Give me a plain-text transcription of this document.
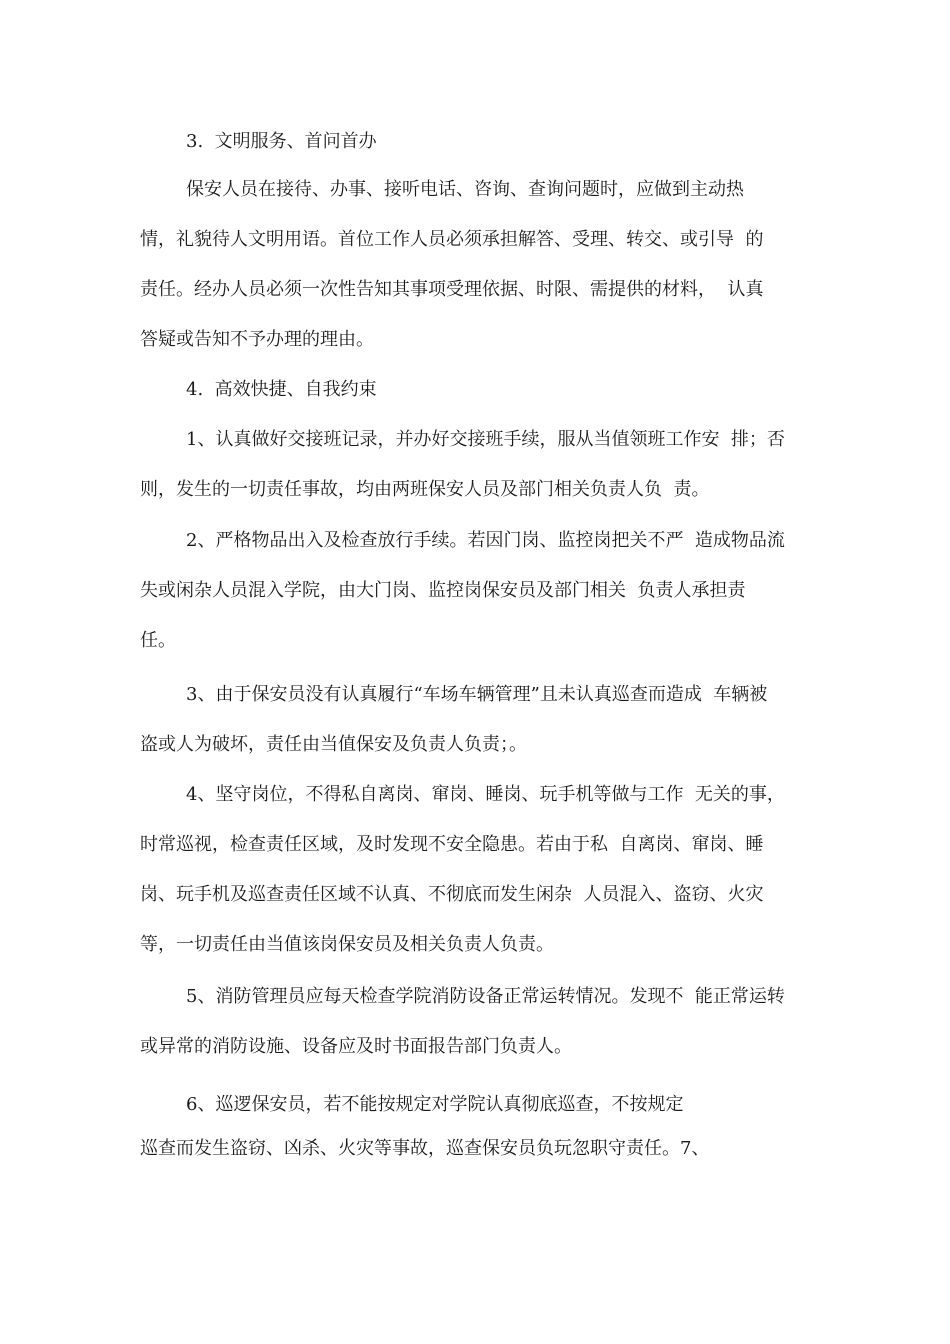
3.  文明服务、首问首办
保安人员在接待、办事、接听电话、咨询、查询问题时，应做到主动热
情，礼貌待人文明用语。首位工作人员必须承担解答、受理、转交、或引导  的
责任。经办人员必须一次性告知其事项受理依据、时限、需提供的材料，  认真
答疑或告知不予办理的理由。
4.  高效快捷、自我约束
1、认真做好交接班记录，并办好交接班手续，服从当值领班工作安  排；否
则，发生的一切责任事故，均由两班保安人员及部门相关负责人负  责。
2、严格物品出入及检查放行手续。若因门岗、监控岗把关不严  造成物品流
失或闲杂人员混入学院，由大门岗、监控岗保安员及部门相关  负责人承担责
任。
3、由于保安员没有认真履行“车场车辆管理”且未认真巡查而造成  车辆被
盗或人为破坏，责任由当值保安及负责人负责；。
4、坚守岗位，不得私自离岗、窜岗、睡岗、玩手机等做与工作  无关的事，
时常巡视，检查责任区域，及时发现不安全隐患。若由于私  自离岗、窜岗、睡
岗、玩手机及巡查责任区域不认真、不彻底而发生闲杂  人员混入、盗窃、火灾
等，一切责任由当值该岗保安员及相关负责人负责。
5、消防管理员应每天检查学院消防设备正常运转情况。发现不  能正常运转
或异常的消防设施、设备应及时书面报告部门负责人。
6、巡逻保安员，若不能按规定对学院认真彻底巡查，不按规定
巡查而发生盗窃、凶杀、火灾等事故，巡查保安员负玩忽职守责任。7、
